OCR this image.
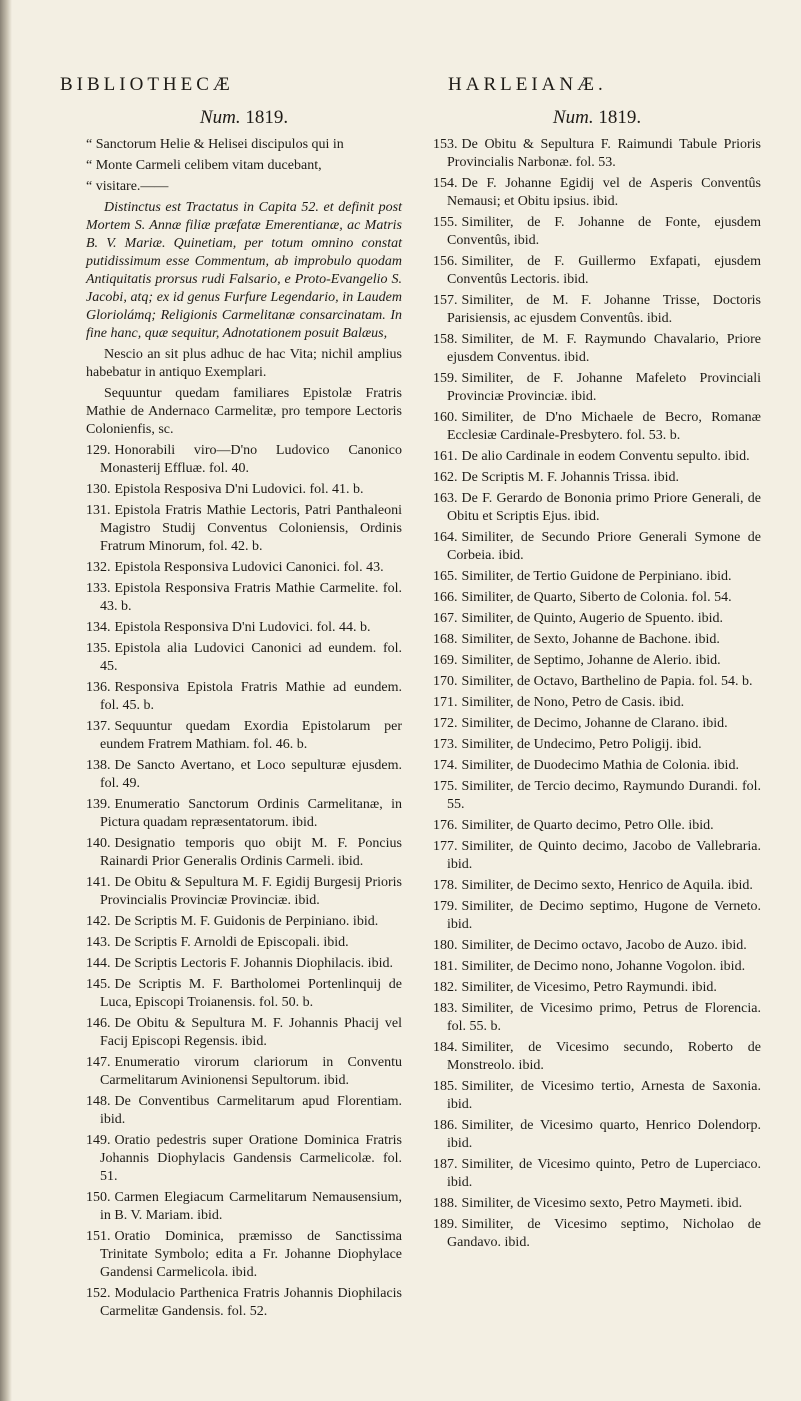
BIBLIOTHECÆ	HARLEIANÆ.
Num. 1819.

“ Sanctorum Helie & Helisei discipulos qui in

“ Monte Carmeli celibem vitam ducebant,

“ visitare.——

Distinctus est Tractatus in Capita 52. et definit post Mortem S. Annæ filiæ præfatæ Emerentianæ, ac Matris B. V. Mariæ. Quinetiam, per totum omnino constat putidissimum esse Commentum, ab improbulo quodam Antiquitatis prorsus rudi Falsario, e Proto-Evangelio S. Jacobi, atq; ex id genus Furfure Legendario, in Laudem Gloriolámq; Religionis Carmelitanæ consarcinatam. In fine hanc, quæ sequitur, Adnotationem posuit Balæus,

Nescio an sit plus adhuc de hac Vita; nichil amplius habebatur in antiquo Exemplari.

Sequuntur quedam familiares Epistolæ Fratris Mathie de Andernaco Carmelitæ, pro tempore Lectoris Colonienfis, sc.

129. Honorabili viro—D'no Ludovico Canonico Monasterij Effluæ. fol. 40.

130. Epistola Resposiva D'ni Ludovici. fol. 41. b.

131. Epistola Fratris Mathie Lectoris, Patri Panthaleoni Magistro Studij Conventus Coloniensis, Ordinis Fratrum Minorum, fol. 42. b.

132. Epistola Responsiva Ludovici Canonici. fol. 43.

133. Epistola Responsiva Fratris Mathie Carmelite. fol. 43. b.

134. Epistola Responsiva D'ni Ludovici. fol. 44. b.

135. Epistola alia Ludovici Canonici ad eundem. fol. 45.

136. Responsiva Epistola Fratris Mathie ad eundem. fol. 45. b.

137. Sequuntur quedam Exordia Epistolarum per eundem Fratrem Mathiam. fol. 46. b.

138. De Sancto Avertano, et Loco sepulturæ ejusdem. fol. 49.

139. Enumeratio Sanctorum Ordinis Carmelitanæ, in Pictura quadam repræsentatorum. ibid.

140. Designatio temporis quo obijt M. F. Poncius Rainardi Prior Generalis Ordinis Carmeli. ibid.

141. De Obitu & Sepultura M. F. Egidij Burgesij Prioris Provincialis Provinciæ Provinciæ. ibid.

142. De Scriptis M. F. Guidonis de Perpiniano. ibid.

143. De Scriptis F. Arnoldi de Episcopali. ibid.

144. De Scriptis Lectoris F. Johannis Diophilacis. ibid.

145. De Scriptis M. F. Bartholomei Portenlinquij de Luca, Episcopi Troianensis. fol. 50. b.

146. De Obitu & Sepultura M. F. Johannis Phacij vel Facij Episcopi Regensis. ibid.

147. Enumeratio virorum clariorum in Conventu Carmelitarum Avinionensi Sepultorum. ibid.

148. De Conventibus Carmelitarum apud Florentiam. ibid.

149. Oratio pedestris super Oratione Dominica Fratris Johannis Diophylacis Gandensis Carmelicolæ. fol. 51.

150. Carmen Elegiacum Carmelitarum Nemausensium, in B. V. Mariam. ibid.

151. Oratio Dominica, præmisso de Sanctissima Trinitate Symbolo; edita a Fr. Johanne Diophylace Gandensi Carmelicola. ibid.

152. Modulacio Parthenica Fratris Johannis Diophilacis Carmelitæ Gandensis. fol. 52.

Num. 1819.

153. De Obitu & Sepultura F. Raimundi Tabule Prioris Provincialis Narbonæ. fol. 53.

154. De F. Johanne Egidij vel de Asperis Conventûs Nemausi; et Obitu ipsius. ibid.

155. Similiter, de F. Johanne de Fonte, ejusdem Conventûs, ibid.

156. Similiter, de F. Guillermo Exfapati, ejusdem Conventûs Lectoris. ibid.

157. Similiter, de M. F. Johanne Trisse, Doctoris Parisiensis, ac ejusdem Conventûs. ibid.

158. Similiter, de M. F. Raymundo Chavalario, Priore ejusdem Conventus. ibid.

159. Similiter, de F. Johanne Mafeleto Provinciali Provinciæ Provinciæ. ibid.

160. Similiter, de D'no Michaele de Becro, Romanæ Ecclesiæ Cardinale-Presbytero. fol. 53. b.

161. De alio Cardinale in eodem Conventu sepulto. ibid.

162. De Scriptis M. F. Johannis Trissa. ibid.

163. De F. Gerardo de Bononia primo Priore Generali, de Obitu et Scriptis Ejus. ibid.

164. Similiter, de Secundo Priore Generali Symone de Corbeia. ibid.

165. Similiter, de Tertio Guidone de Perpiniano. ibid.

166. Similiter, de Quarto, Siberto de Colonia. fol. 54.

167. Similiter, de Quinto, Augerio de Spuento. ibid.

168. Similiter, de Sexto, Johanne de Bachone. ibid.

169. Similiter, de Septimo, Johanne de Alerio. ibid.

170. Similiter, de Octavo, Barthelino de Papia. fol. 54. b.

171. Similiter, de Nono, Petro de Casis. ibid.

172. Similiter, de Decimo, Johanne de Clarano. ibid.

173. Similiter, de Undecimo, Petro Poligij. ibid.

174. Similiter, de Duodecimo Mathia de Colonia. ibid.

175. Similiter, de Tercio decimo, Raymundo Durandi. fol. 55.

176. Similiter, de Quarto decimo, Petro Olle. ibid.

177. Similiter, de Quinto decimo, Jacobo de Vallebraria. ibid.

178. Similiter, de Decimo sexto, Henrico de Aquila. ibid.

179. Similiter, de Decimo septimo, Hugone de Verneto. ibid.

180. Similiter, de Decimo octavo, Jacobo de Auzo. ibid.

181. Similiter, de Decimo nono, Johanne Vogolon. ibid.

182. Similiter, de Vicesimo, Petro Raymundi. ibid.

183. Similiter, de Vicesimo primo, Petrus de Florencia. fol. 55. b.

184. Similiter, de Vicesimo secundo, Roberto de Monstreolo. ibid.

185. Similiter, de Vicesimo tertio, Arnesta de Saxonia. ibid.

186. Similiter, de Vicesimo quarto, Henrico Dolendorp. ibid.

187. Similiter, de Vicesimo quinto, Petro de Luperciaco. ibid.

188. Similiter, de Vicesimo sexto, Petro Maymeti. ibid.

189. Similiter, de Vicesimo septimo, Nicholao de Gandavo. ibid.
